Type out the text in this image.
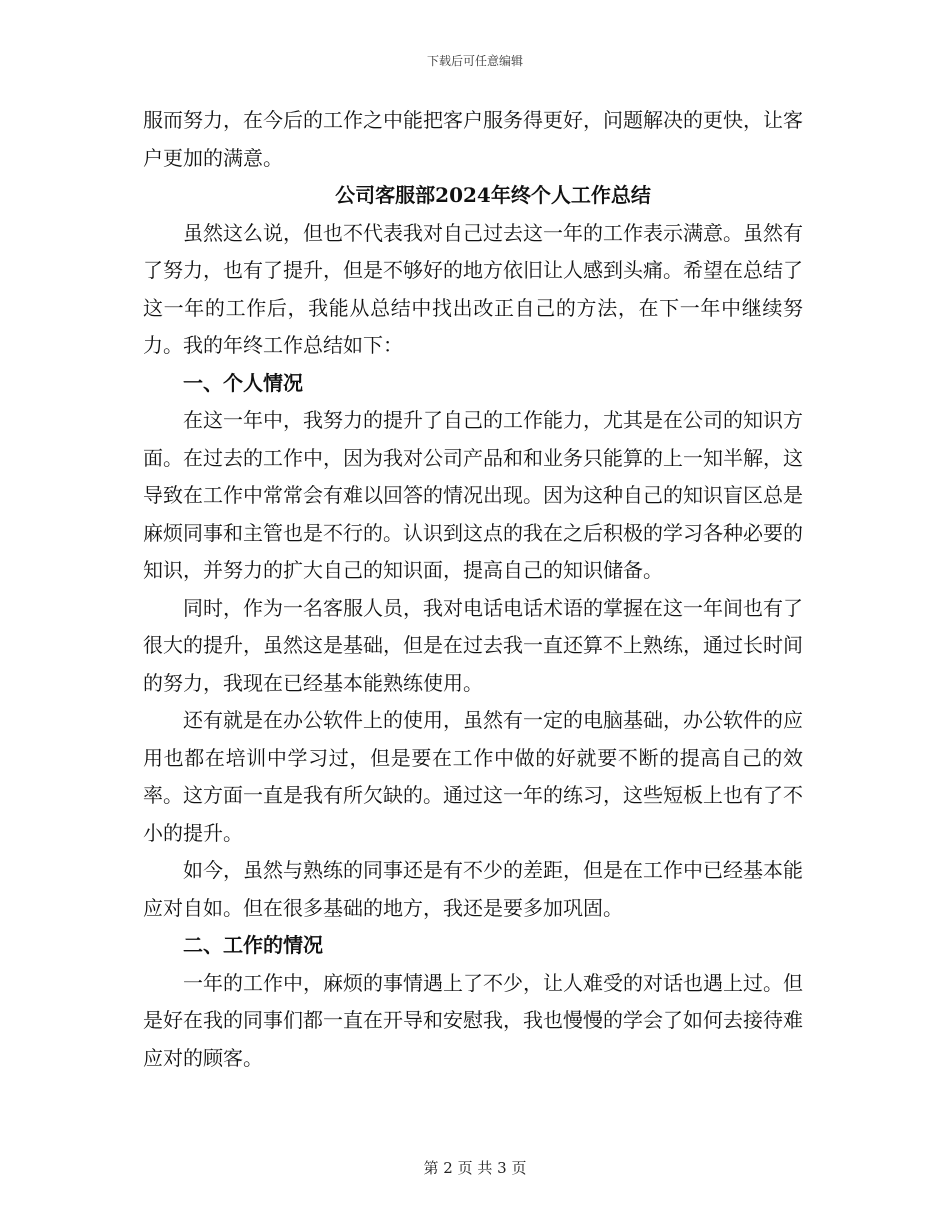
下载后可任意编辑

服而努力，在今后的工作之中能把客户服务得更好，问题解决的更快，让客户更加的满意。

公司客服部2024年终个人工作总结

虽然这么说，但也不代表我对自己过去这一年的工作表示满意。虽然有了努力，也有了提升，但是不够好的地方依旧让人感到头痛。希望在总结了这一年的工作后，我能从总结中找出改正自己的方法，在下一年中继续努力。我的年终工作总结如下：

一、个人情况

在这一年中，我努力的提升了自己的工作能力，尤其是在公司的知识方面。在过去的工作中，因为我对公司产品和和业务只能算的上一知半解，这导致在工作中常常会有难以回答的情况出现。因为这种自己的知识盲区总是麻烦同事和主管也是不行的。认识到这点的我在之后积极的学习各种必要的知识，并努力的扩大自己的知识面，提高自己的知识储备。

同时，作为一名客服人员，我对电话电话术语的掌握在这一年间也有了很大的提升，虽然这是基础，但是在过去我一直还算不上熟练，通过长时间的努力，我现在已经基本能熟练使用。

还有就是在办公软件上的使用，虽然有一定的电脑基础，办公软件的应用也都在培训中学习过，但是要在工作中做的好就要不断的提高自己的效率。这方面一直是我有所欠缺的。通过这一年的练习，这些短板上也有了不小的提升。

如今，虽然与熟练的同事还是有不少的差距，但是在工作中已经基本能应对自如。但在很多基础的地方，我还是要多加巩固。

二、工作的情况

一年的工作中，麻烦的事情遇上了不少，让人难受的对话也遇上过。但是好在我的同事们都一直在开导和安慰我，我也慢慢的学会了如何去接待难应对的顾客。

第 2 页 共 3 页
